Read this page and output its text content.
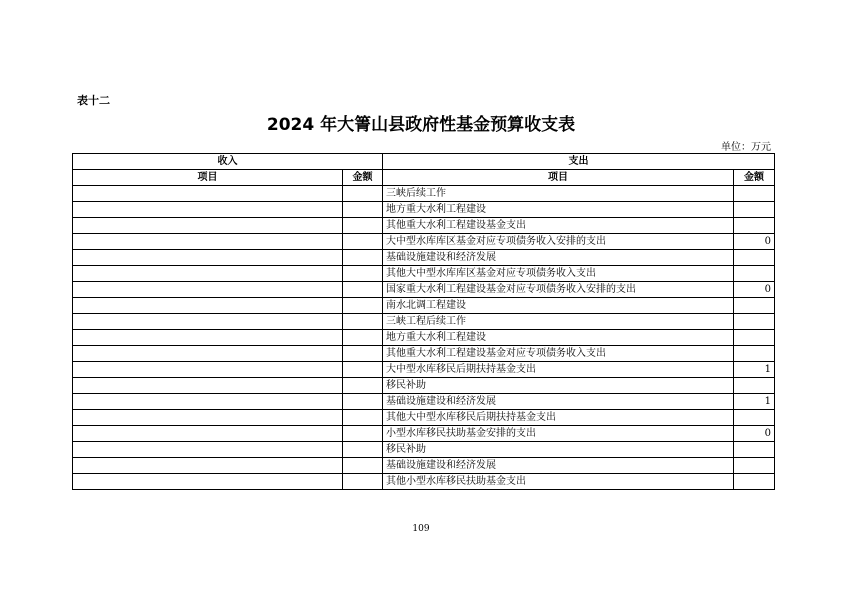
表十二
2024 年大箐山县政府性基金预算收支表
单位：万元
收入		支出	
项目	金额	项目	金额
		三峡后续工作	
		地方重大水利工程建设	
		其他重大水利工程建设基金支出	
		大中型水库库区基金对应专项债务收入安排的支出	0
		基础设施建设和经济发展	
		其他大中型水库库区基金对应专项债务收入支出	
		国家重大水利工程建设基金对应专项债务收入安排的支出	0
		南水北调工程建设	
		三峡工程后续工作	
		地方重大水利工程建设	
		其他重大水利工程建设基金对应专项债务收入支出	
		大中型水库移民后期扶持基金支出	1
		移民补助	
		基础设施建设和经济发展	1
		其他大中型水库移民后期扶持基金支出	
		小型水库移民扶助基金安排的支出	0
		移民补助	
		基础设施建设和经济发展	
		其他小型水库移民扶助基金支出	
109
